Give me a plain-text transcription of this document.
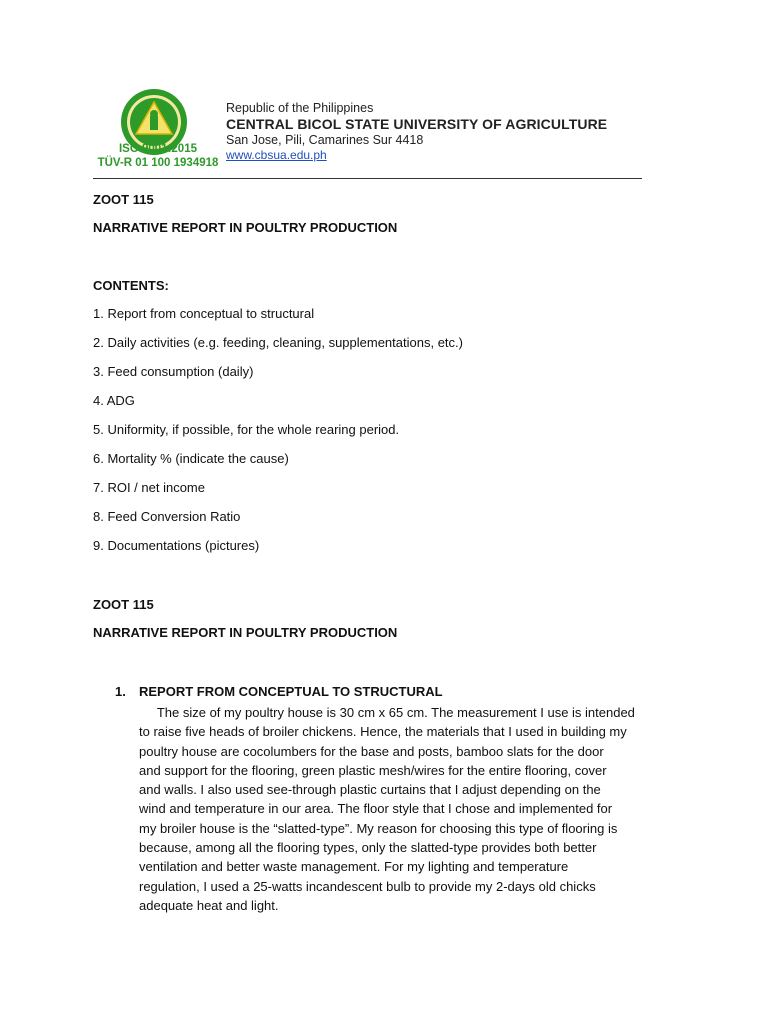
ISO 9001:2015
TÜV-R 01 100 1934918
Republic of the Philippines
CENTRAL BICOL STATE UNIVERSITY OF AGRICULTURE
San Jose, Pili, Camarines Sur 4418
www.cbsua.edu.ph
ZOOT 115
NARRATIVE REPORT IN POULTRY PRODUCTION
CONTENTS:
1. Report from conceptual to structural
2. Daily activities (e.g. feeding, cleaning, supplementations, etc.)
3. Feed consumption (daily)
4. ADG
5. Uniformity, if possible, for the whole rearing period.
6. Mortality % (indicate the cause)
7. ROI / net income
8. Feed Conversion Ratio
9. Documentations (pictures)
ZOOT 115
NARRATIVE REPORT IN POULTRY PRODUCTION
1. REPORT FROM CONCEPTUAL TO STRUCTURAL
The size of my poultry house is 30 cm x 65 cm. The measurement I use is intended
to raise five heads of broiler chickens. Hence, the materials that I used in building my
poultry house are cocolumbers for the base and posts, bamboo slats for the door
and support for the flooring, green plastic mesh/wires for the entire flooring, cover
and walls. I also used see-through plastic curtains that I adjust depending on the
wind and temperature in our area. The floor style that I chose and implemented for
my broiler house is the “slatted-type”. My reason for choosing this type of flooring is
because, among all the flooring types, only the slatted-type provides both better
ventilation and better waste management. For my lighting and temperature
regulation, I used a 25-watts incandescent bulb to provide my 2-days old chicks
adequate heat and light.
